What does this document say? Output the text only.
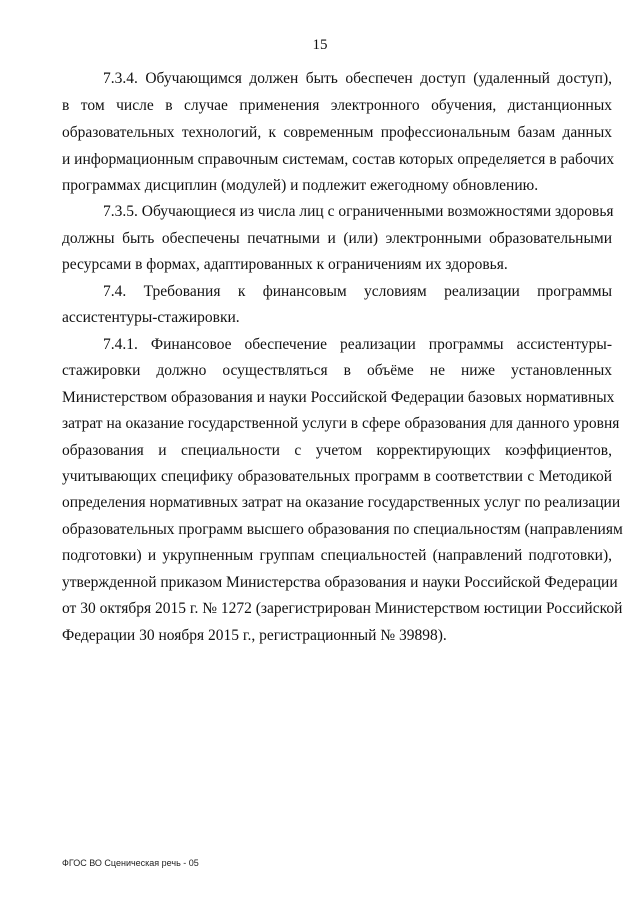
15
7.3.4. Обучающимся должен быть обеспечен доступ (удаленный доступ),
в том числе в случае применения электронного обучения, дистанционных
образовательных технологий, к современным профессиональным базам данных
и информационным справочным системам, состав которых определяется в рабочих
программах дисциплин (модулей) и подлежит ежегодному обновлению.
7.3.5. Обучающиеся из числа лиц с ограниченными возможностями здоровья
должны быть обеспечены печатными и (или) электронными образовательными
ресурсами в формах, адаптированных к ограничениям их здоровья.
7.4. Требования к финансовым условиям реализации программы
ассистентуры-стажировки.
7.4.1. Финансовое обеспечение реализации программы ассистентуры-
стажировки должно осуществляться в объёме не ниже установленных
Министерством образования и науки Российской Федерации базовых нормативных
затрат на оказание государственной услуги в сфере образования для данного уровня
образования и специальности с учетом корректирующих коэффициентов,
учитывающих специфику образовательных программ в соответствии с Методикой
определения нормативных затрат на оказание государственных услуг по реализации
образовательных программ высшего образования по специальностям (направлениям
подготовки) и укрупненным группам специальностей (направлений подготовки),
утвержденной приказом Министерства образования и науки Российской Федерации
от 30 октября 2015 г. № 1272 (зарегистрирован Министерством юстиции Российской
Федерации 30 ноября 2015 г., регистрационный № 39898).
ФГОС ВО Сценическая речь - 05
